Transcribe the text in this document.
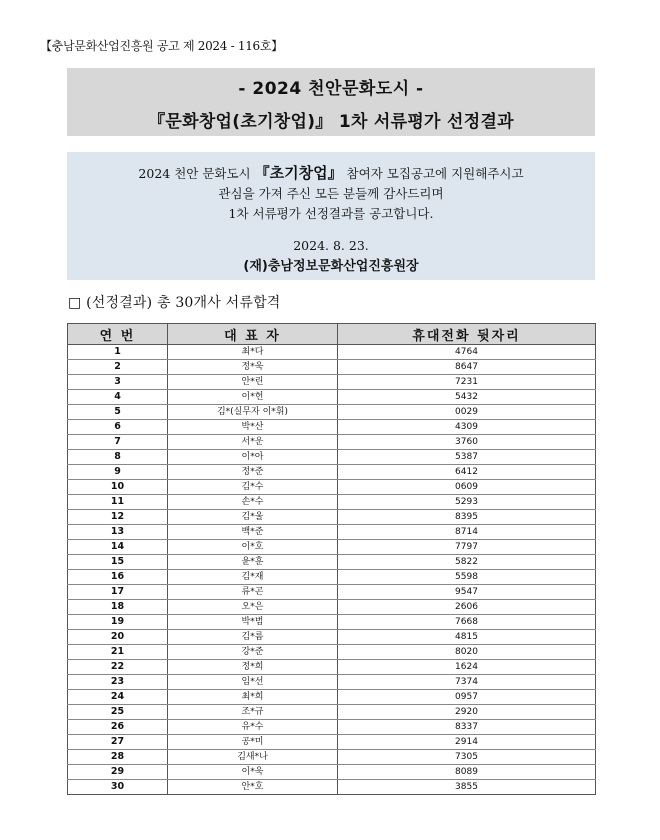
【충남문화산업진흥원 공고 제 2024 - 116호】
- 2024 천안문화도시 -
『문화창업(초기창업)』 1차 서류평가 선정결과
2024 천안 문화도시 『초기창업』 참여자 모집공고에 지원해주시고
관심을 가져 주신 모든 분들께 감사드리며
1차 서류평가 선정결과를 공고합니다.
2024. 8. 23.
(재)충남정보문화산업진흥원장
□ (선정결과) 총 30개사 서류합격
연 번	대 표 자	휴대전화 뒷자리
1	최*다	4764
2	정*욱	8647
3	안*린	7231
4	이*헌	5432
5	김*(실무자 이*휘)	0029
6	박*산	4309
7	서*운	3760
8	이*아	5387
9	정*준	6412
10	김*수	0609
11	손*수	5293
12	김*울	8395
13	백*준	8714
14	이*호	7797
15	윤*훈	5822
16	김*재	5598
17	류*곤	9547
18	오*은	2606
19	박*범	7668
20	김*름	4815
21	강*준	8020
22	정*희	1624
23	임*선	7374
24	최*희	0957
25	조*규	2920
26	유*수	8337
27	공*미	2914
28	김새*나	7305
29	이*욱	8089
30	안*호	3855
